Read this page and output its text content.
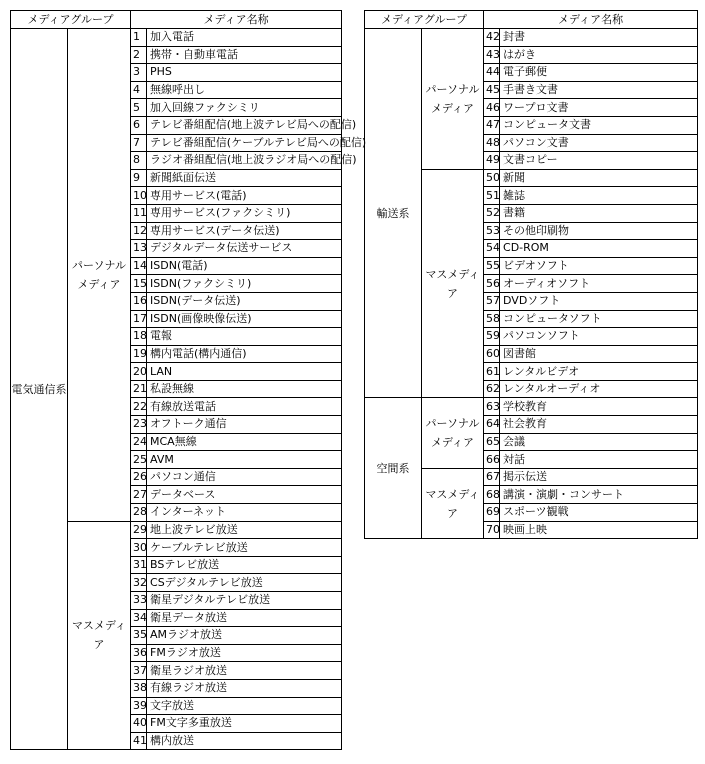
メディアグループ		メディア名称	
電気通信系	パーソナルメディア	1	加入電話
		2	携帯・自動車電話
		3	PHS
		4	無線呼出し
		5	加入回線ファクシミリ
		6	テレビ番組配信(地上波テレビ局への配信)
		7	テレビ番組配信(ケーブルテレビ局への配信)
		8	ラジオ番組配信(地上波ラジオ局への配信)
		9	新聞紙面伝送
		10	専用サービス(電話)
		11	専用サービス(ファクシミリ)
		12	専用サービス(データ伝送)
		13	デジタルデータ伝送サービス
		14	ISDN(電話)
		15	ISDN(ファクシミリ)
		16	ISDN(データ伝送)
		17	ISDN(画像映像伝送)
		18	電報
		19	構内電話(構内通信)
		20	LAN
		21	私設無線
		22	有線放送電話
		23	オフトーク通信
		24	MCA無線
		25	AVM
		26	パソコン通信
		27	データベース
		28	インターネット
	マスメディア	29	地上波テレビ放送
		30	ケーブルテレビ放送
		31	BSテレビ放送
		32	CSデジタルテレビ放送
		33	衛星デジタルテレビ放送
		34	衛星データ放送
		35	AMラジオ放送
		36	FMラジオ放送
		37	衛星ラジオ放送
		38	有線ラジオ放送
		39	文字放送
		40	FM文字多重放送
		41	構内放送
メディアグループ		メディア名称	
輸送系	パーソナルメディア	42	封書
		43	はがき
		44	電子郵便
		45	手書き文書
		46	ワープロ文書
		47	コンピュータ文書
		48	パソコン文書
		49	文書コピー
	マスメディア	50	新聞
		51	雑誌
		52	書籍
		53	その他印刷物
		54	CD-ROM
		55	ビデオソフト
		56	オーディオソフト
		57	DVDソフト
		58	コンピュータソフト
		59	パソコンソフト
		60	図書館
		61	レンタルビデオ
		62	レンタルオーディオ
空間系	パーソナルメディア	63	学校教育
		64	社会教育
		65	会議
		66	対話
	マスメディア	67	掲示伝送
		68	講演・演劇・コンサート
		69	スポーツ観戦
		70	映画上映
